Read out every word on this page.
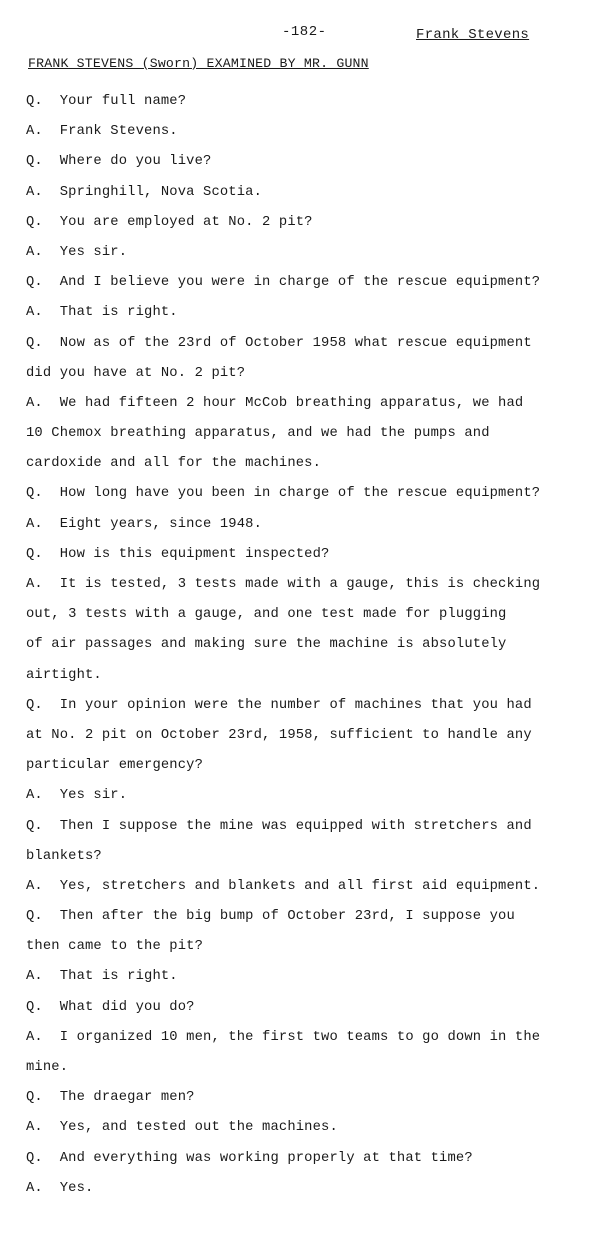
-182-	Frank Stevens
FRANK STEVENS (Sworn) EXAMINED BY MR. GUNN
Q.  Your full name?
A.  Frank Stevens.
Q.  Where do you live?
A.  Springhill, Nova Scotia.
Q.  You are employed at No. 2 pit?
A.  Yes sir.
Q.  And I believe you were in charge of the rescue equipment?
A.  That is right.
Q.  Now as of the 23rd of October 1958 what rescue equipment
did you have at No. 2 pit?
A.  We had fifteen 2 hour McCob breathing apparatus, we had
10 Chemox breathing apparatus, and we had the pumps and
cardoxide and all for the machines.
Q.  How long have you been in charge of the rescue equipment?
A.  Eight years, since 1948.
Q.  How is this equipment inspected?
A.  It is tested, 3 tests made with a gauge, this is checking
out, 3 tests with a gauge, and one test made for plugging
of air passages and making sure the machine is absolutely
airtight.
Q.  In your opinion were the number of machines that you had
at No. 2 pit on October 23rd, 1958, sufficient to handle any
particular emergency?
A.  Yes sir.
Q.  Then I suppose the mine was equipped with stretchers and
blankets?
A.  Yes, stretchers and blankets and all first aid equipment.
Q.  Then after the big bump of October 23rd, I suppose you
then came to the pit?
A.  That is right.
Q.  What did you do?
A.  I organized 10 men, the first two teams to go down in the
mine.
Q.  The draegar men?
A.  Yes, and tested out the machines.
Q.  And everything was working properly at that time?
A.  Yes.
